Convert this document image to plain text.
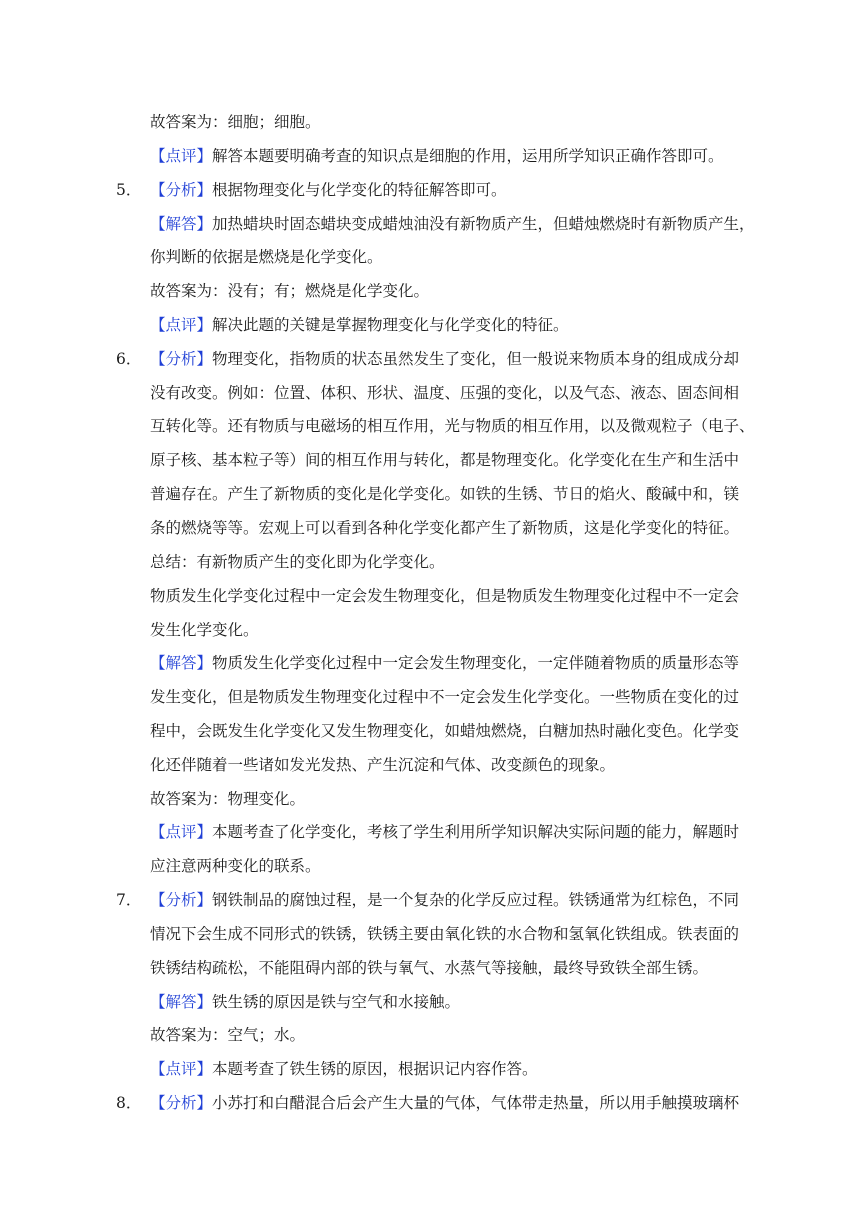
故答案为：细胞；细胞。
【点评】解答本题要明确考查的知识点是细胞的作用，运用所学知识正确作答即可。
5． 【分析】根据物理变化与化学变化的特征解答即可。
【解答】加热蜡块时固态蜡块变成蜡烛油没有新物质产生，但蜡烛燃烧时有新物质产生，
你判断的依据是燃烧是化学变化。
故答案为：没有；有；燃烧是化学变化。
【点评】解决此题的关键是掌握物理变化与化学变化的特征。
6． 【分析】物理变化，指物质的状态虽然发生了变化，但一般说来物质本身的组成成分却
没有改变。例如：位置、体积、形状、温度、压强的变化，以及气态、液态、固态间相
互转化等。还有物质与电磁场的相互作用，光与物质的相互作用，以及微观粒子（电子、
原子核、基本粒子等）间的相互作用与转化，都是物理变化。化学变化在生产和生活中
普遍存在。产生了新物质的变化是化学变化。如铁的生锈、节日的焰火、酸碱中和，镁
条的燃烧等等。宏观上可以看到各种化学变化都产生了新物质，这是化学变化的特征。
总结：有新物质产生的变化即为化学变化。
物质发生化学变化过程中一定会发生物理变化，但是物质发生物理变化过程中不一定会
发生化学变化。
【解答】物质发生化学变化过程中一定会发生物理变化，一定伴随着物质的质量形态等
发生变化，但是物质发生物理变化过程中不一定会发生化学变化。一些物质在变化的过
程中，会既发生化学变化又发生物理变化，如蜡烛燃烧，白糖加热时融化变色。化学变
化还伴随着一些诸如发光发热、产生沉淀和气体、改变颜色的现象。
故答案为：物理变化。
【点评】本题考查了化学变化，考核了学生利用所学知识解决实际问题的能力，解题时
应注意两种变化的联系。
7． 【分析】钢铁制品的腐蚀过程，是一个复杂的化学反应过程。铁锈通常为红棕色，不同
情况下会生成不同形式的铁锈，铁锈主要由氧化铁的水合物和氢氧化铁组成。铁表面的
铁锈结构疏松，不能阻碍内部的铁与氧气、水蒸气等接触，最终导致铁全部生锈。
【解答】铁生锈的原因是铁与空气和水接触。
故答案为：空气；水。
【点评】本题考查了铁生锈的原因，根据识记内容作答。
8． 【分析】小苏打和白醋混合后会产生大量的气体，气体带走热量，所以用手触摸玻璃杯
